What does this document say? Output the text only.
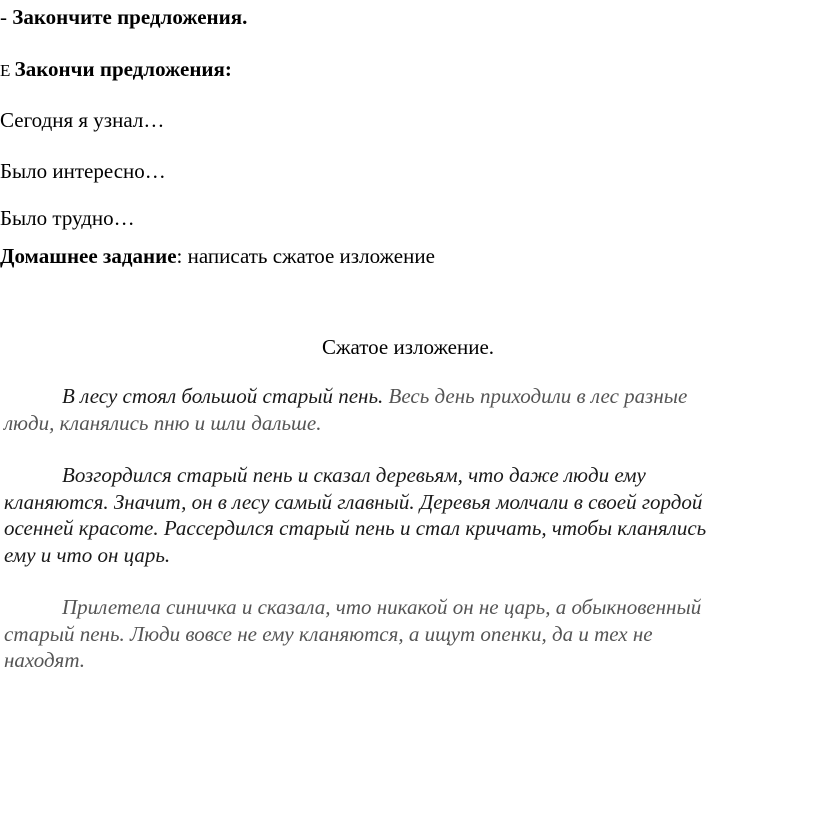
- Закончите предложения.
Е Закончи предложения:
Сегодня я узнал…
Было интересно…
Было трудно…
Домашнее задание: написать сжатое изложение
Сжатое изложение.
В лесу стоял большой старый пень. Весь день приходили в лес разные
люди, кланялись пню и шли дальше.
Возгордился старый пень и сказал деревьям, что даже люди ему
кланяются. Значит, он в лесу самый главный. Деревья молчали в своей гордой
осенней красоте. Рассердился старый пень и стал кричать, чтобы кланялись
ему и что он царь.
Прилетела синичка и сказала, что никакой он не царь, а обыкновенный
старый пень. Люди вовсе не ему кланяются, а ищут опенки, да и тех не
находят.
